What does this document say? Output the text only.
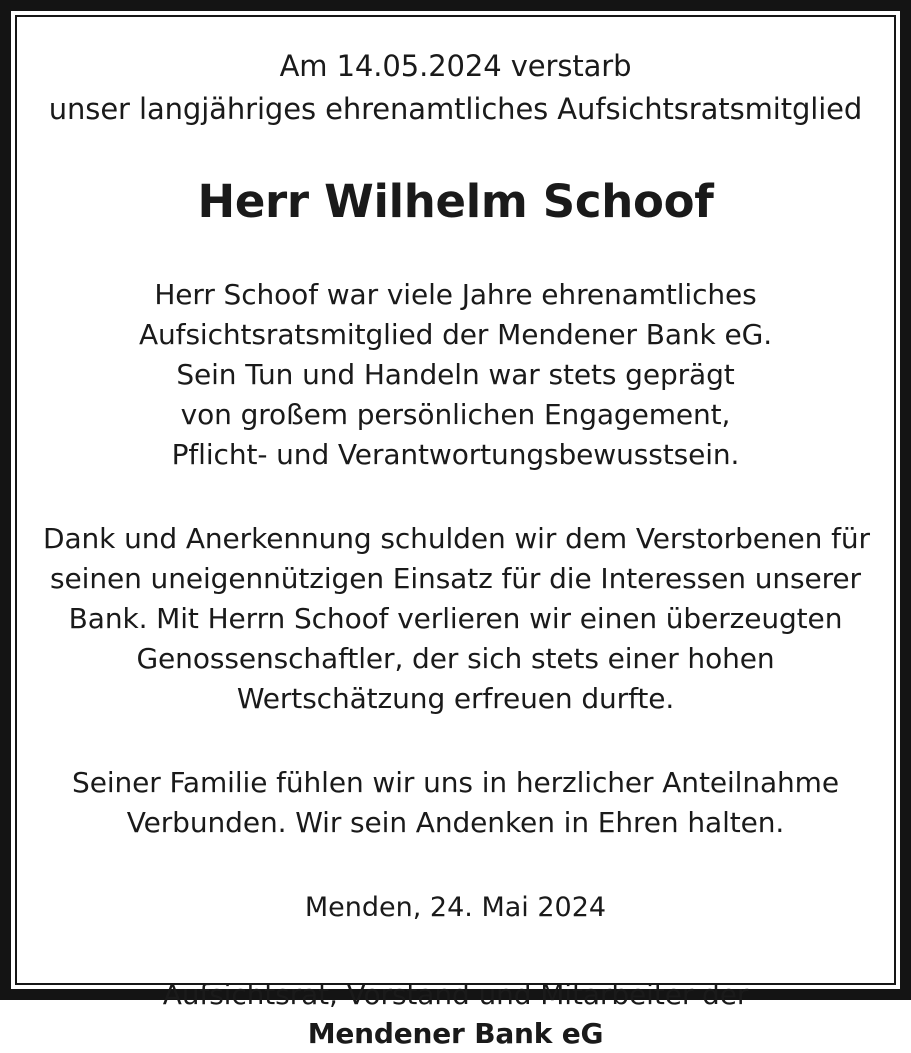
Am 14.05.2024 verstarb
unser langjähriges ehrenamtliches Aufsichtsratsmitglied
Herr Wilhelm Schoof
Herr Schoof war viele Jahre ehrenamtliches
Aufsichtsratsmitglied der Mendener Bank eG.
Sein Tun und Handeln war stets geprägt
von großem persönlichen Engagement,
Pflicht- und Verantwortungsbewusstsein.
Dank und Anerkennung schulden wir dem Verstorbenen für
seinen uneigennützigen Einsatz für die Interessen unserer
Bank. Mit Herrn Schoof verlieren wir einen überzeugten
Genossenschaftler, der sich stets einer hohen
Wertschätzung erfreuen durfte.
Seiner Familie fühlen wir uns in herzlicher Anteilnahme
Verbunden. Wir sein Andenken in Ehren halten.
Menden, 24. Mai 2024
Aufsichtsrat, Vorstand und Mitarbeiter der
Mendener Bank eG
